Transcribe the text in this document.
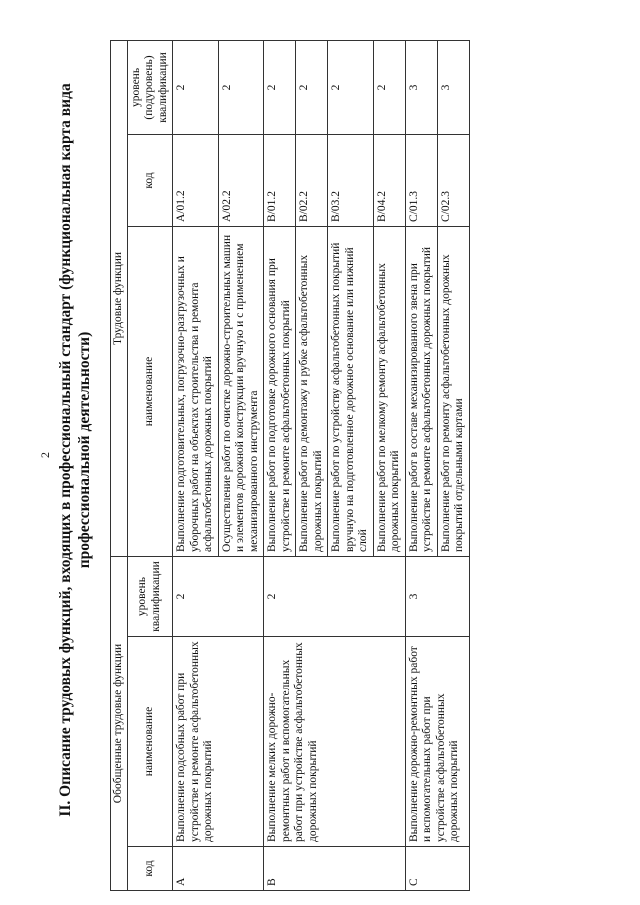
2 II. Описание трудовых функций, входящих в профессиональный стандарт (функциональная карта вида профессиональной деятельности)
Обобщенные трудовые функции			Трудовые функции		
код	наименование	уровень квалификации	наименование	код	уровень (подуровень) квалификации
A	Выполнение подсобных работ при устройстве и ремонте асфальтобетонных дорожных покрытий	2	Выполнение подготовительных, погрузочно-разгрузочных и уборочных работ на объектах строительства и ремонта асфальтобетонных дорожных покрытий	A/01.2	2
			Осуществление работ по очистке дорожно-строительных машин и элементов дорожной конструкции вручную и с применением механизированного инструмента	A/02.2	2
B	Выполнение мелких дорожно-ремонтных работ и вспомогательных работ при устройстве асфальтобетонных дорожных покрытий	2	Выполнение работ по подготовке дорожного основания при устройстве и ремонте асфальтобетонных покрытий	B/01.2	2
			Выполнение работ по демонтажу и рубке асфальтобетонных дорожных покрытий	B/02.2	2
			Выполнение работ по устройству асфальтобетонных покрытий вручную на подготовленное дорожное основание или нижний слой	B/03.2	2
			Выполнение работ по мелкому ремонту асфальтобетонных дорожных покрытий	B/04.2	2
C	Выполнение дорожно-ремонтных работ и вспомогательных работ при устройстве асфальтобетонных дорожных покрытий	3	Выполнение работ в составе механизированного звена при устройстве и ремонте асфальтобетонных дорожных покрытий	C/01.3	3
			Выполнение работ по ремонту асфальтобетонных дорожных покрытий отдельными картами	C/02.3	3
